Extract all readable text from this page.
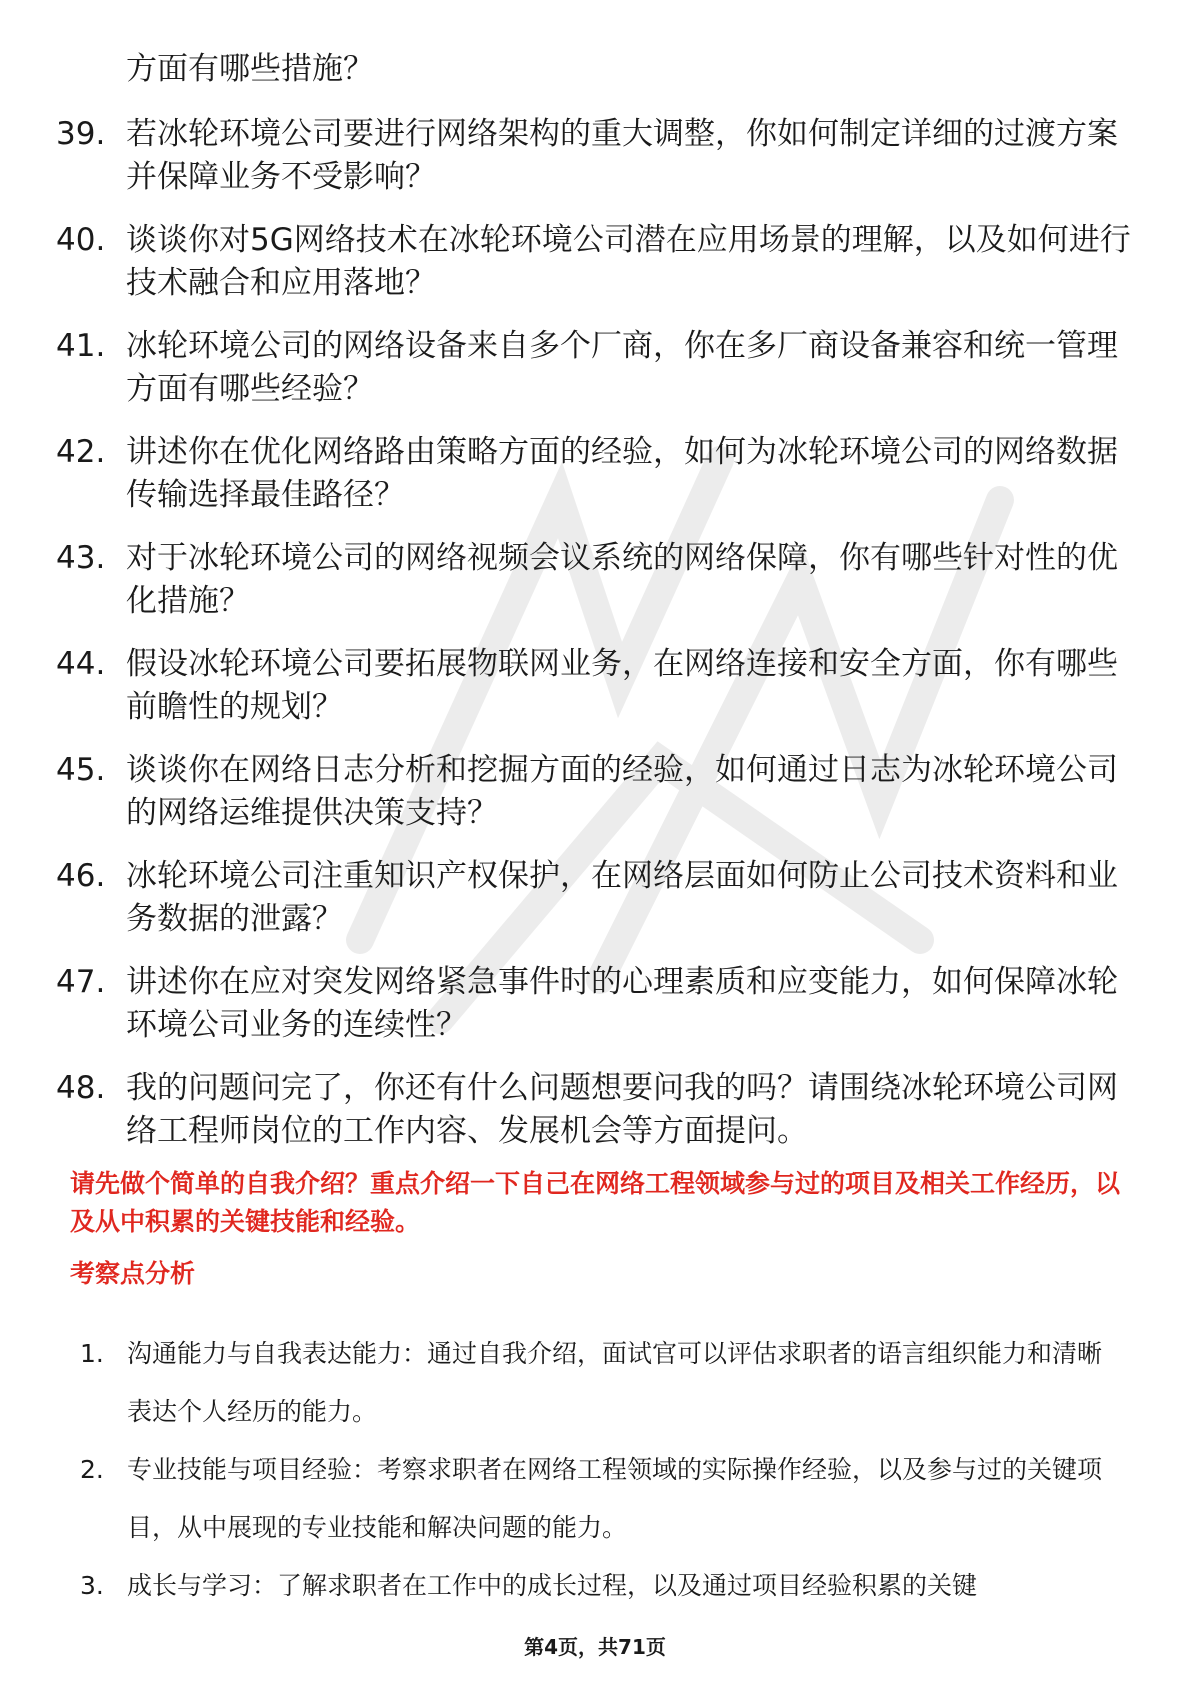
方面有哪些措施？
39. 若冰轮环境公司要进行网络架构的重大调整，你如何制定详细的过渡方案并保障业务不受影响？
40. 谈谈你对5G网络技术在冰轮环境公司潜在应用场景的理解，以及如何进行技术融合和应用落地？
41. 冰轮环境公司的网络设备来自多个厂商，你在多厂商设备兼容和统一管理方面有哪些经验？
42. 讲述你在优化网络路由策略方面的经验，如何为冰轮环境公司的网络数据传输选择最佳路径？
43. 对于冰轮环境公司的网络视频会议系统的网络保障，你有哪些针对性的优化措施？
44. 假设冰轮环境公司要拓展物联网业务，在网络连接和安全方面，你有哪些前瞻性的规划？
45. 谈谈你在网络日志分析和挖掘方面的经验，如何通过日志为冰轮环境公司的网络运维提供决策支持？
46. 冰轮环境公司注重知识产权保护，在网络层面如何防止公司技术资料和业务数据的泄露？
47. 讲述你在应对突发网络紧急事件时的心理素质和应变能力，如何保障冰轮环境公司业务的连续性？
48. 我的问题问完了，你还有什么问题想要问我的吗？请围绕冰轮环境公司网络工程师岗位的工作内容、发展机会等方面提问。
请先做个简单的自我介绍？重点介绍一下自己在网络工程领域参与过的项目及相关工作经历，以及从中积累的关键技能和经验。
考察点分析
1. 沟通能力与自我表达能力：通过自我介绍，面试官可以评估求职者的语言组织能力和清晰表达个人经历的能力。
2. 专业技能与项目经验：考察求职者在网络工程领域的实际操作经验，以及参与过的关键项目，从中展现的专业技能和解决问题的能力。
3. 成长与学习：了解求职者在工作中的成长过程，以及通过项目经验积累的关键
第4页，共71页
